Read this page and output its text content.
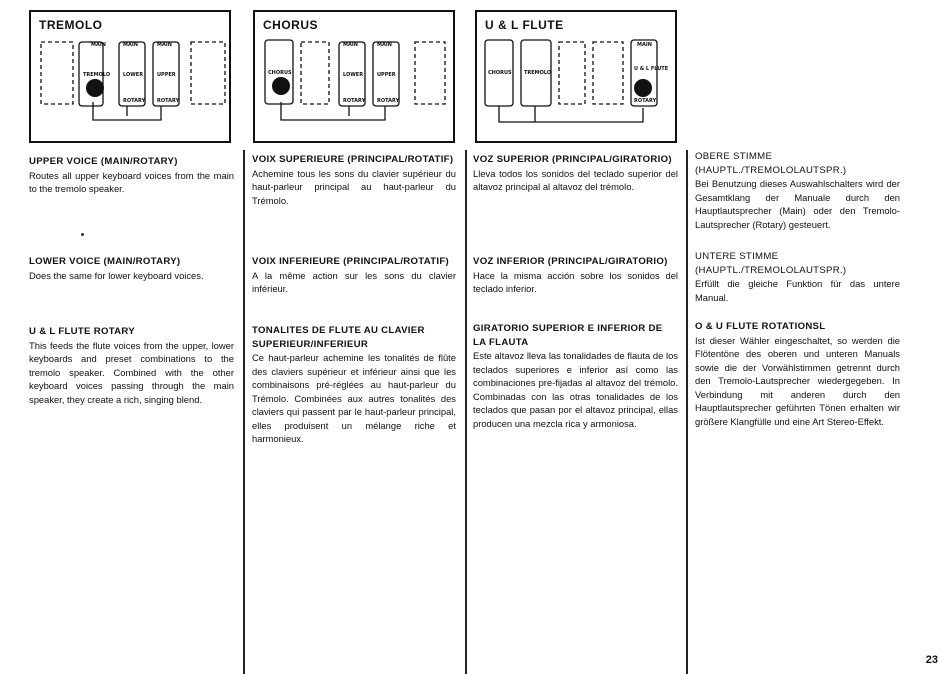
TREMOLO
MAIN
TREMOLO
MAIN
LOWER
ROTARY
MAIN
UPPER
ROTARY
CHORUS
CHORUS
MAIN
LOWER
ROTARY
MAIN
UPPER
ROTARY
U & L FLUTE
CHORUS TREMOLO
MAIN
U & L FLUTE
ROTARY

UPPER VOICE (MAIN/ROTARY)

Routes all upper keyboard voices from the main to the tremolo speaker.

LOWER VOICE (MAIN/ROTARY)

Does the same for lower keyboard voices.

U & L FLUTE ROTARY

This feeds the flute voices from the upper, lower keyboards and preset combinations to the tremolo speaker. Combined with the other keyboard voices passing through the main speaker, they create a rich, singing blend.

VOIX SUPERIEURE (PRINCIPAL/ROTATIF)

Achemine tous les sons du clavier supérieur du haut-parleur principal au haut-parleur du Trémolo.

VOIX INFERIEURE (PRINCIPAL/ROTATIF)

A la même action sur les sons du clavier inférieur.

TONALITES DE FLUTE AU CLAVIER SUPERIEUR/INFERIEUR

Ce haut-parleur achemine les tonalités de flûte des claviers supérieur et inférieur ainsi que les combinaisons pré-réglées au haut-parleur du Trémolo. Combinées aux autres tonalités des claviers qui passent par le haut-parleur principal, elles produisent un mélange riche et harmonieux.

VOZ SUPERIOR (PRINCIPAL/GIRATORIO)

Lleva todos los sonidos del teclado superior del altavoz principal al altavoz del trémolo.

VOZ INFERIOR (PRINCIPAL/GIRATORIO)

Hace la misma acción sobre los sonidos del teclado inferior.

GIRATORIO SUPERIOR E INFERIOR DE LA FLAUTA

Este altavoz lleva las tonalidades de flauta de los teclados superiores e inferior así como las combinaciones pre-fijadas al altavoz del trémolo. Combinadas con las otras tonalidades de los teclados que pasan por el altavoz principal, ellas producen una mezcla rica y armoniosa.

OBERE STIMME (HAUPTL./TREMOLOLAUTSPR.)

Bei Benutzung dieses Auswahlschalters wird der Gesamtklang der Manuale durch den Hauptlautsprecher (Main) oder den Tremolo-Lautsprecher (Rotary) gesteuert.

UNTERE STIMME (HAUPTL./TREMOLOLAUTSPR.)

Erfüllt die gleiche Funktion für das untere Manual.

O & U FLUTE ROTATIONSL

Ist dieser Wähler eingeschaltet, so werden die Flötentöne des oberen und unteren Manuals sowie die der Vorwählstimmen getrennt durch den Tremolo-Lautsprecher wiedergegeben. In Verbindung mit anderen durch den Hauptlautsprecher geführten Tönen erhalten wir größere Klangfülle und eine Art Stereo-Effekt.

23
